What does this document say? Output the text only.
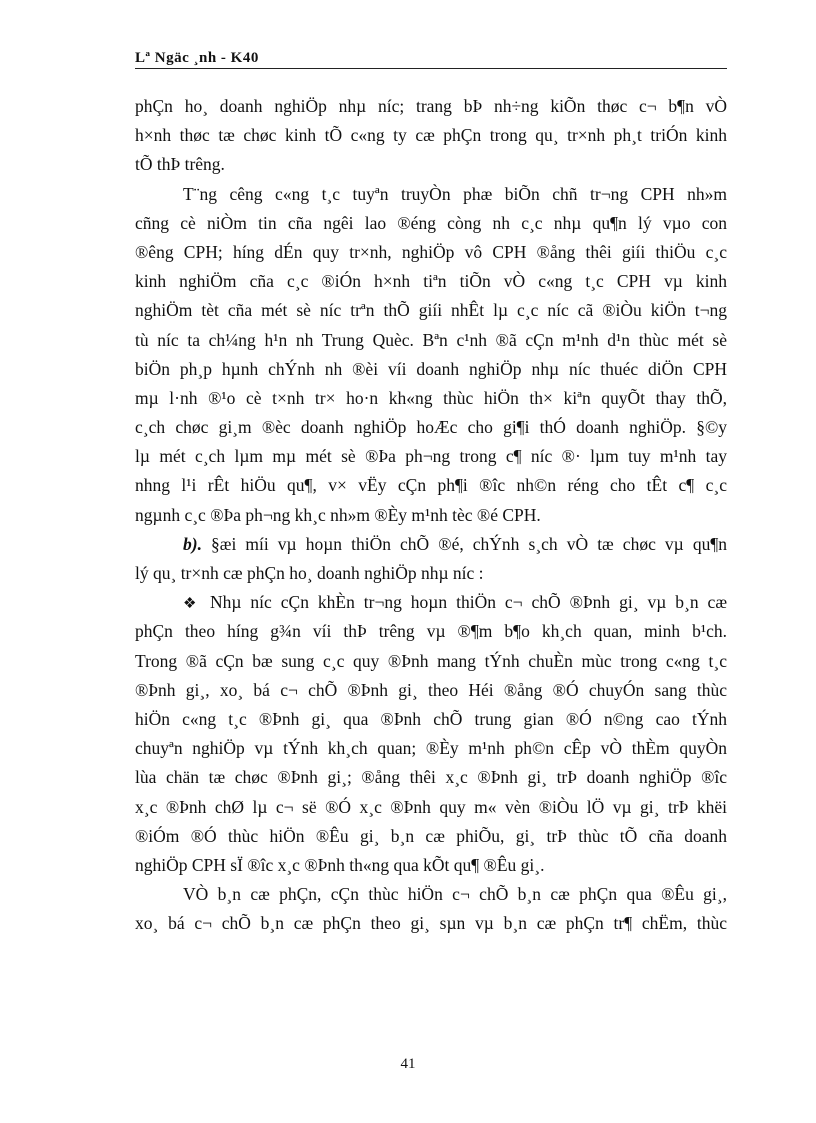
Lª Ngäc ¸nh - K40
phÇn ho¸ doanh nghiÖp nhµ níc; trang bÞ nh÷ng kiÕn thøc c¬ b¶n vÒ
h×nh thøc tæ chøc kinh tÕ c«ng ty cæ phÇn trong qu¸ tr×nh ph¸t triÓn kinh
tÕ thÞ trêng.
T¨ng cêng c«ng t¸c tuyªn truyÒn phæ biÕn chñ tr¬ng CPH nh»m
cñng cè niÒm tin cña ngêi lao ®éng còng nh c¸c nhµ qu¶n lý vµo con
®êng CPH; híng dÉn quy tr×nh, nghiÖp vô CPH ®ång thêi giíi thiÖu c¸c
kinh nghiÖm cña c¸c ®iÓn h×nh tiªn tiÕn vÒ c«ng t¸c CPH vµ kinh
nghiÖm tèt cña mét sè níc trªn thÕ giíi nhÊt lµ c¸c níc cã ®iÒu kiÖn t¬ng
tù níc ta ch¼ng h¹n nh Trung Quèc. Bªn c¹nh ®ã cÇn m¹nh d¹n thùc mét sè
biÖn ph¸p hµnh chÝnh nh ®èi víi doanh nghiÖp nhµ níc thuéc diÖn CPH
mµ l·nh ®¹o cè t×nh tr× ho·n kh«ng thùc hiÖn th× kiªn quyÕt thay thÕ,
c¸ch chøc gi¸m ®èc doanh nghiÖp hoÆc cho gi¶i thÓ doanh nghiÖp. §©y
lµ mét c¸ch lµm mµ mét sè ®Þa ph¬ng trong c¶ níc ®· lµm tuy m¹nh tay
nhng l¹i rÊt hiÖu qu¶, v× vËy cÇn ph¶i ®îc nh©n réng cho tÊt c¶ c¸c
ngµnh c¸c ®Þa ph¬ng kh¸c nh»m ®Èy m¹nh tèc ®é CPH.
b). §æi míi vµ hoµn thiÖn chÕ ®é, chÝnh s¸ch vÒ tæ chøc vµ qu¶n
lý qu¸ tr×nh cæ phÇn ho¸ doanh nghiÖp nhµ níc :
❖ Nhµ níc cÇn khÈn tr¬ng hoµn thiÖn c¬ chÕ ®Þnh gi¸ vµ b¸n cæ
phÇn theo híng g¾n víi thÞ trêng vµ ®¶m b¶o kh¸ch quan, minh b¹ch.
Trong ®ã cÇn bæ sung c¸c quy ®Þnh mang tÝnh chuÈn mùc trong c«ng t¸c
®Þnh gi¸, xo¸ bá c¬ chÕ ®Þnh gi¸ theo Héi ®ång ®Ó chuyÓn sang thùc
hiÖn c«ng t¸c ®Þnh gi¸ qua ®Þnh chÕ trung gian ®Ó n©ng cao tÝnh
chuyªn nghiÖp vµ tÝnh kh¸ch quan; ®Èy m¹nh ph©n cÊp vÒ thÈm quyÒn
lùa chän tæ chøc ®Þnh gi¸; ®ång thêi x¸c ®Þnh gi¸ trÞ doanh nghiÖp ®îc
x¸c ®Þnh chØ lµ c¬ së ®Ó x¸c ®Þnh quy m« vèn ®iÒu lÖ vµ gi¸ trÞ khëi
®iÓm ®Ó thùc hiÖn ®Êu gi¸ b¸n cæ phiÕu, gi¸ trÞ thùc tÕ cña doanh
nghiÖp CPH sÏ ®îc x¸c ®Þnh th«ng qua kÕt qu¶ ®Êu gi¸.
VÒ b¸n cæ phÇn, cÇn thùc hiÖn c¬ chÕ b¸n cæ phÇn qua ®Êu gi¸,
xo¸ bá c¬ chÕ b¸n cæ phÇn theo gi¸ sµn vµ b¸n cæ phÇn tr¶ chËm, thùc
41
